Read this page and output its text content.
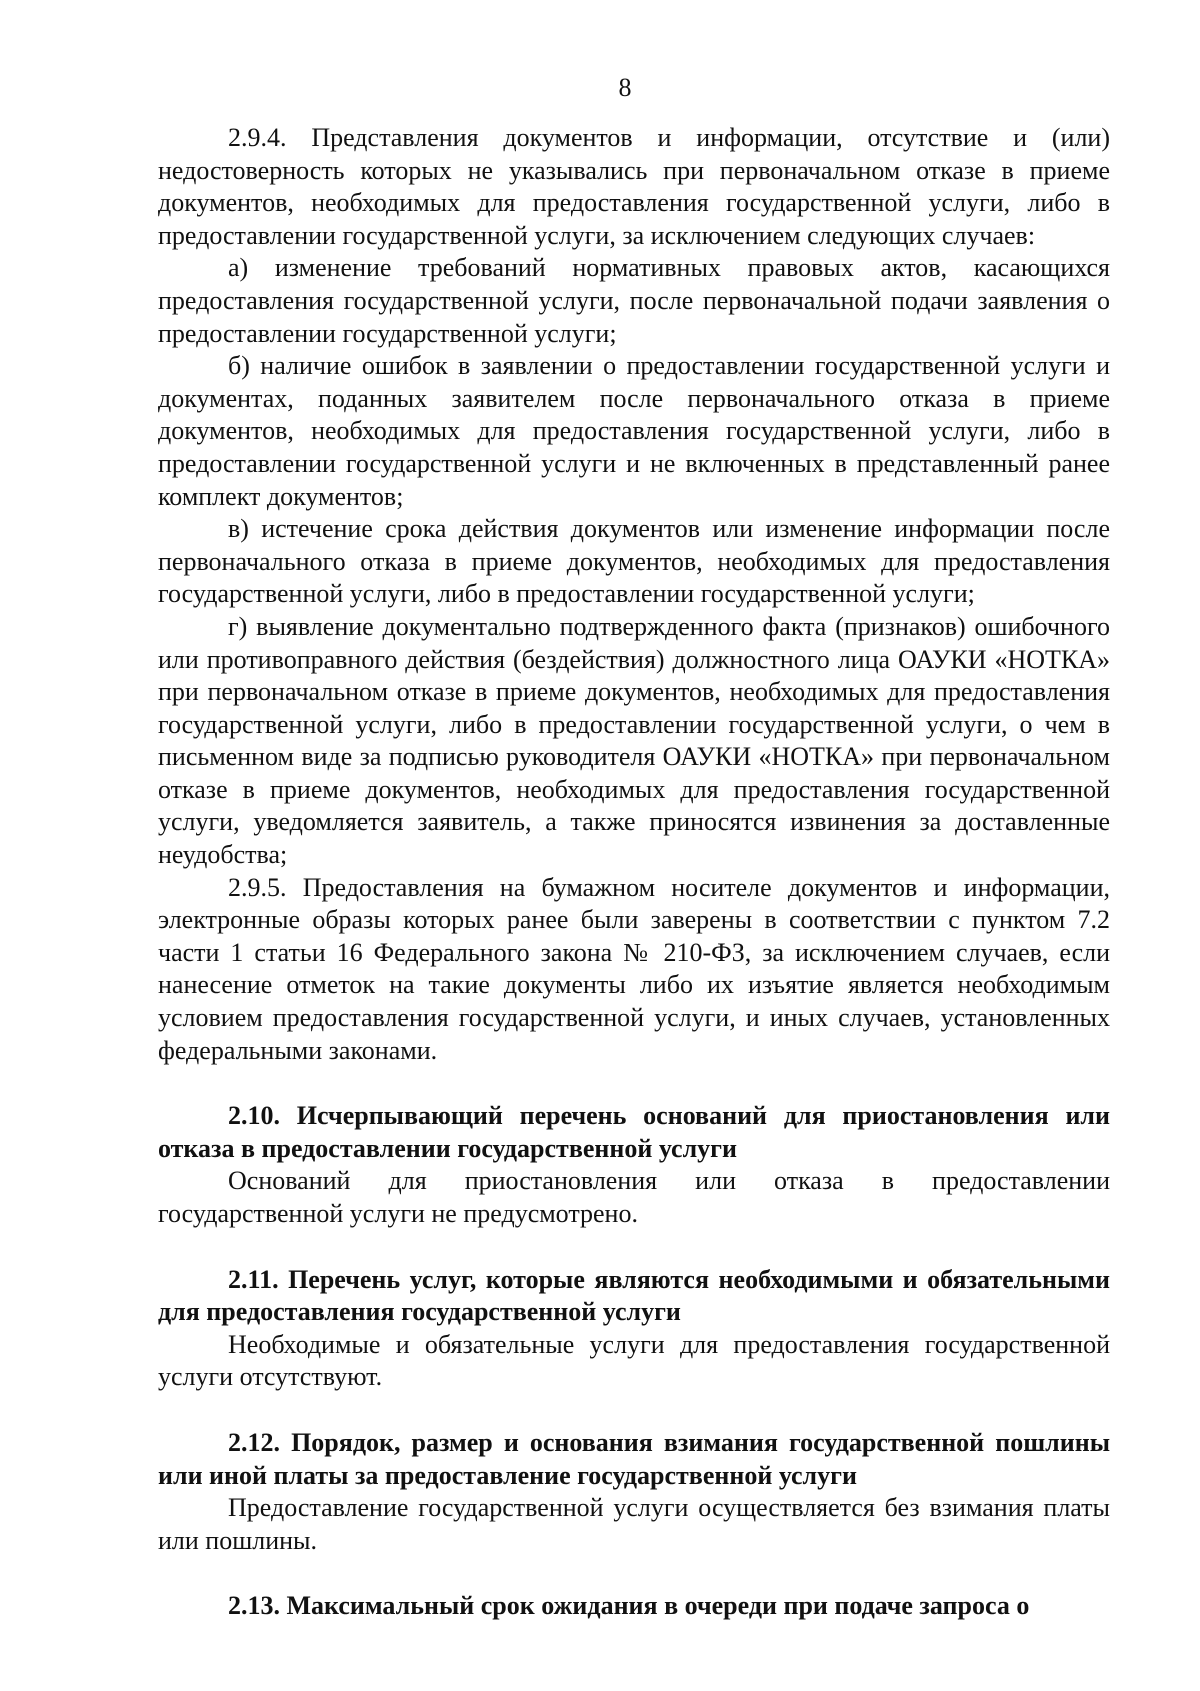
8

2.9.4. Представления документов и информации, отсутствие и (или) недостоверность которых не указывались при первоначальном отказе в приеме документов, необходимых для предоставления государственной услуги, либо в предоставлении государственной услуги, за исключением следующих случаев:

а) изменение требований нормативных правовых актов, касающихся предоставления государственной услуги, после первоначальной подачи заявления о предоставлении государственной услуги;

б) наличие ошибок в заявлении о предоставлении государственной услуги и документах, поданных заявителем после первоначального отказа в приеме документов, необходимых для предоставления государственной услуги, либо в предоставлении государственной услуги и не включенных в представленный ранее комплект документов;

в) истечение срока действия документов или изменение информации после первоначального отказа в приеме документов, необходимых для предоставления государственной услуги, либо в предоставлении государственной услуги;

г) выявление документально подтвержденного факта (признаков) ошибочного или противоправного действия (бездействия) должностного лица ОАУКИ «НОТКА» при первоначальном отказе в приеме документов, необходимых для предоставления государственной услуги, либо в предоставлении государственной услуги, о чем в письменном виде за подписью руководителя ОАУКИ «НОТКА» при первоначальном отказе в приеме документов, необходимых для предоставления государственной услуги, уведомляется заявитель, а также приносятся извинения за доставленные неудобства;

2.9.5. Предоставления на бумажном носителе документов и информации, электронные образы которых ранее были заверены в соответствии с пунктом 7.2 части 1 статьи 16 Федерального закона № 210-ФЗ, за исключением случаев, если нанесение отметок на такие документы либо их изъятие является необходимым условием предоставления государственной услуги, и иных случаев, установленных федеральными законами.

2.10. Исчерпывающий перечень оснований для приостановления или отказа в предоставлении государственной услуги

Оснований для приостановления или отказа в предоставлении государственной услуги не предусмотрено.

2.11. Перечень услуг, которые являются необходимыми и обязательными для предоставления государственной услуги

Необходимые и обязательные услуги для предоставления государственной услуги отсутствуют.

2.12. Порядок, размер и основания взимания государственной пошлины или иной платы за предоставление государственной услуги

Предоставление государственной услуги осуществляется без взимания платы или пошлины.

2.13. Максимальный срок ожидания в очереди при подаче запроса о
